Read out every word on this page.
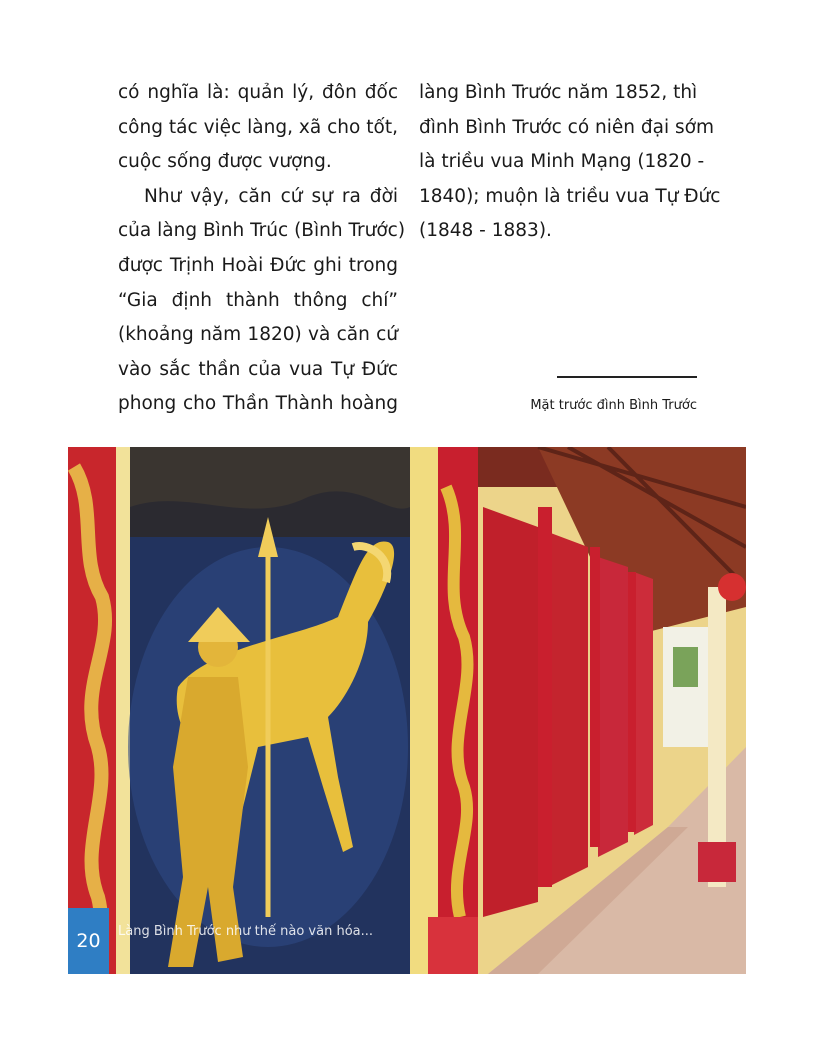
có nghĩa là: quản lý, đôn đốc
công tác việc làng, xã cho tốt,
cuộc sống được vượng.
Như vậy, căn cứ sự ra đời
của làng Bình Trúc (Bình Trước)
được Trịnh Hoài Đức ghi trong
“Gia định thành thông chí”
(khoảng năm 1820) và căn cứ
vào sắc thần của vua Tự Đức
phong cho Thần Thành hoàng
làng Bình Trước năm 1852, thì
đình Bình Trước có niên đại sớm
là triều vua Minh Mạng (1820 -
1840); muộn là triều vua Tự Đức
(1848 - 1883).
Mặt trước đình Bình Trước
20	Làng Bình Trước như thế nào văn hóa...
